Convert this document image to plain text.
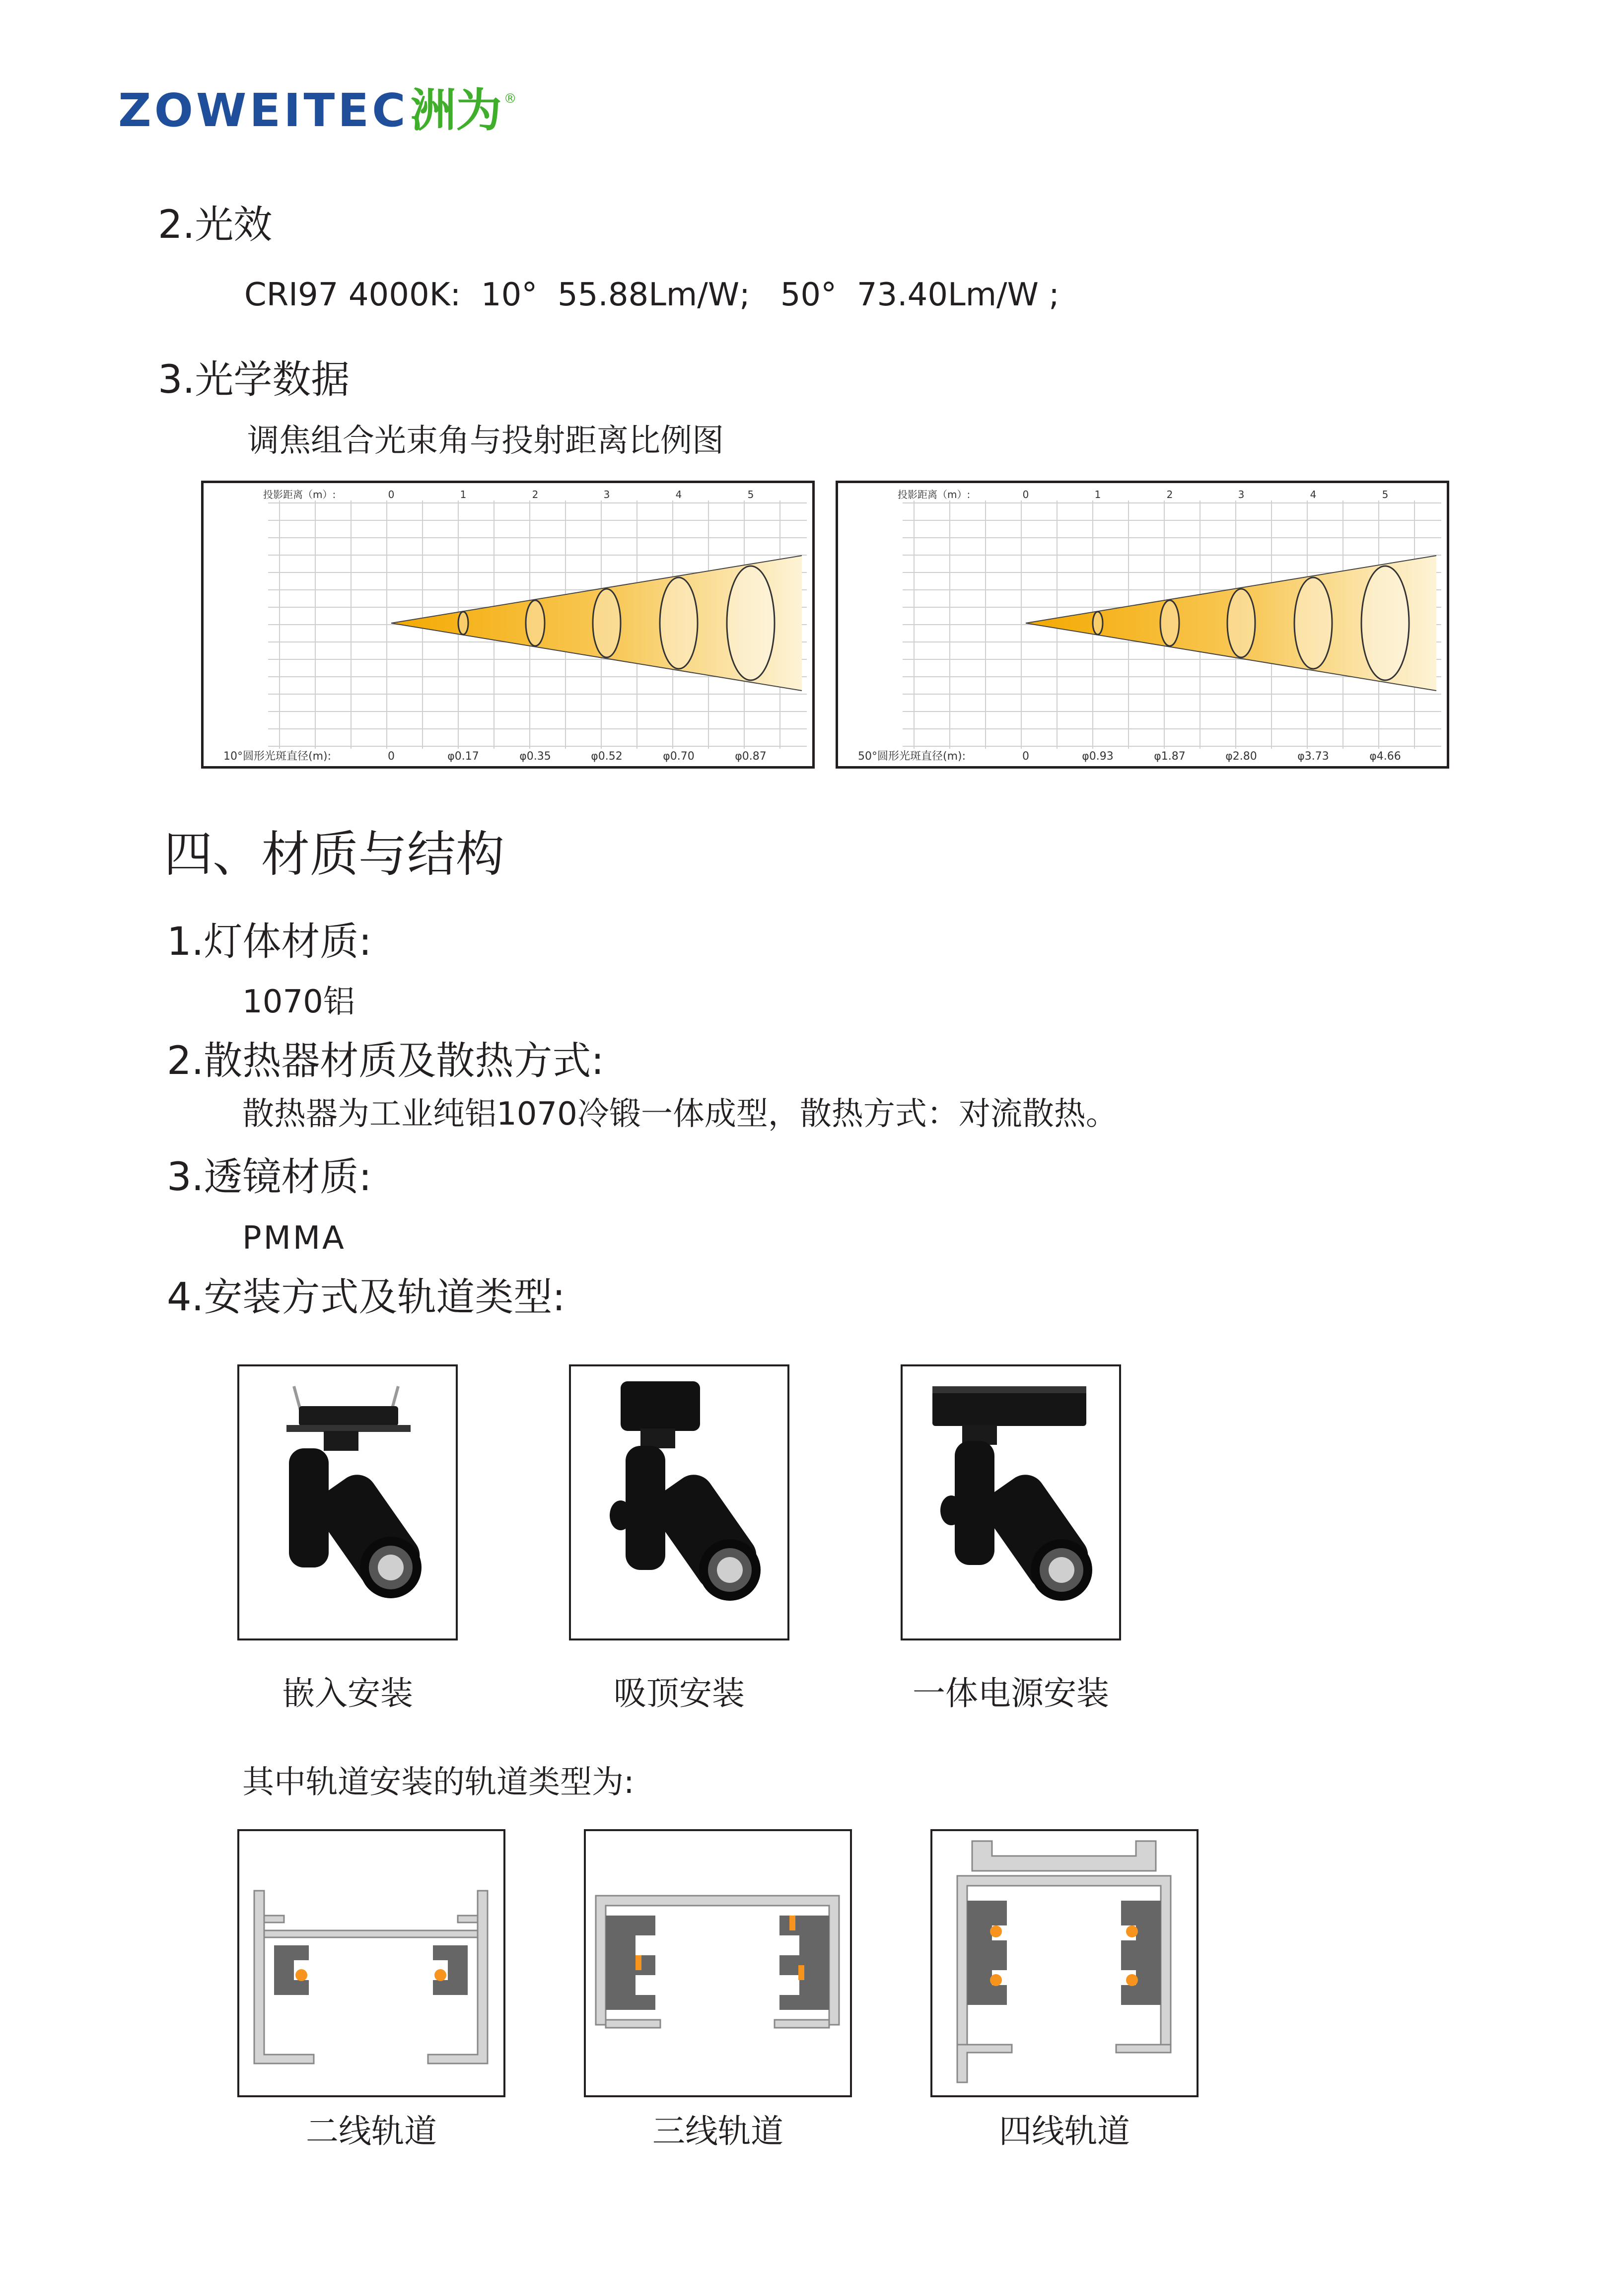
ZOWEITEC 洲为 ®
2.光效
CRI97 4000K:  10°  55.88Lm/W;   50°  73.40Lm/W ;
3.光学数据
调焦组合光束角与投射距离比例图
投影距离（m）:	0	1	2	3	4	5
10°圆形光斑直径(m):	0	φ0.17	φ0.35	φ0.52	φ0.70	φ0.87
投影距离（m）:	0	1	2	3	4	5
50°圆形光斑直径(m):	0	φ0.93	φ1.87	φ2.80	φ3.73	φ4.66
四、材质与结构
1.灯体材质:
1070铝
2.散热器材质及散热方式:
散热器为工业纯铝1070冷锻一体成型，散热方式：对流散热。
3.透镜材质:
PMMA
4.安装方式及轨道类型:
嵌入安装	吸顶安装	一体电源安装
其中轨道安装的轨道类型为:
二线轨道	三线轨道	四线轨道
